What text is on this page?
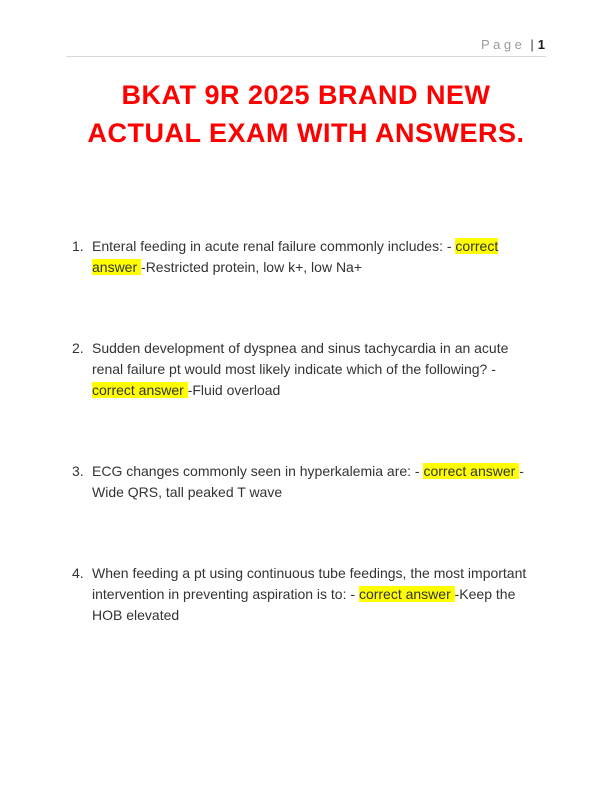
Page | 1
BKAT 9R 2025 BRAND NEW
ACTUAL EXAM WITH ANSWERS.
1. Enteral feeding in acute renal failure commonly includes: - correct answer -Restricted protein, low k+, low Na+
2. Sudden development of dyspnea and sinus tachycardia in an acute renal failure pt would most likely indicate which of the following? - correct answer -Fluid overload
3. ECG changes commonly seen in hyperkalemia are: - correct answer -Wide QRS, tall peaked T wave
4. When feeding a pt using continuous tube feedings, the most important intervention in preventing aspiration is to: - correct answer -Keep the HOB elevated
